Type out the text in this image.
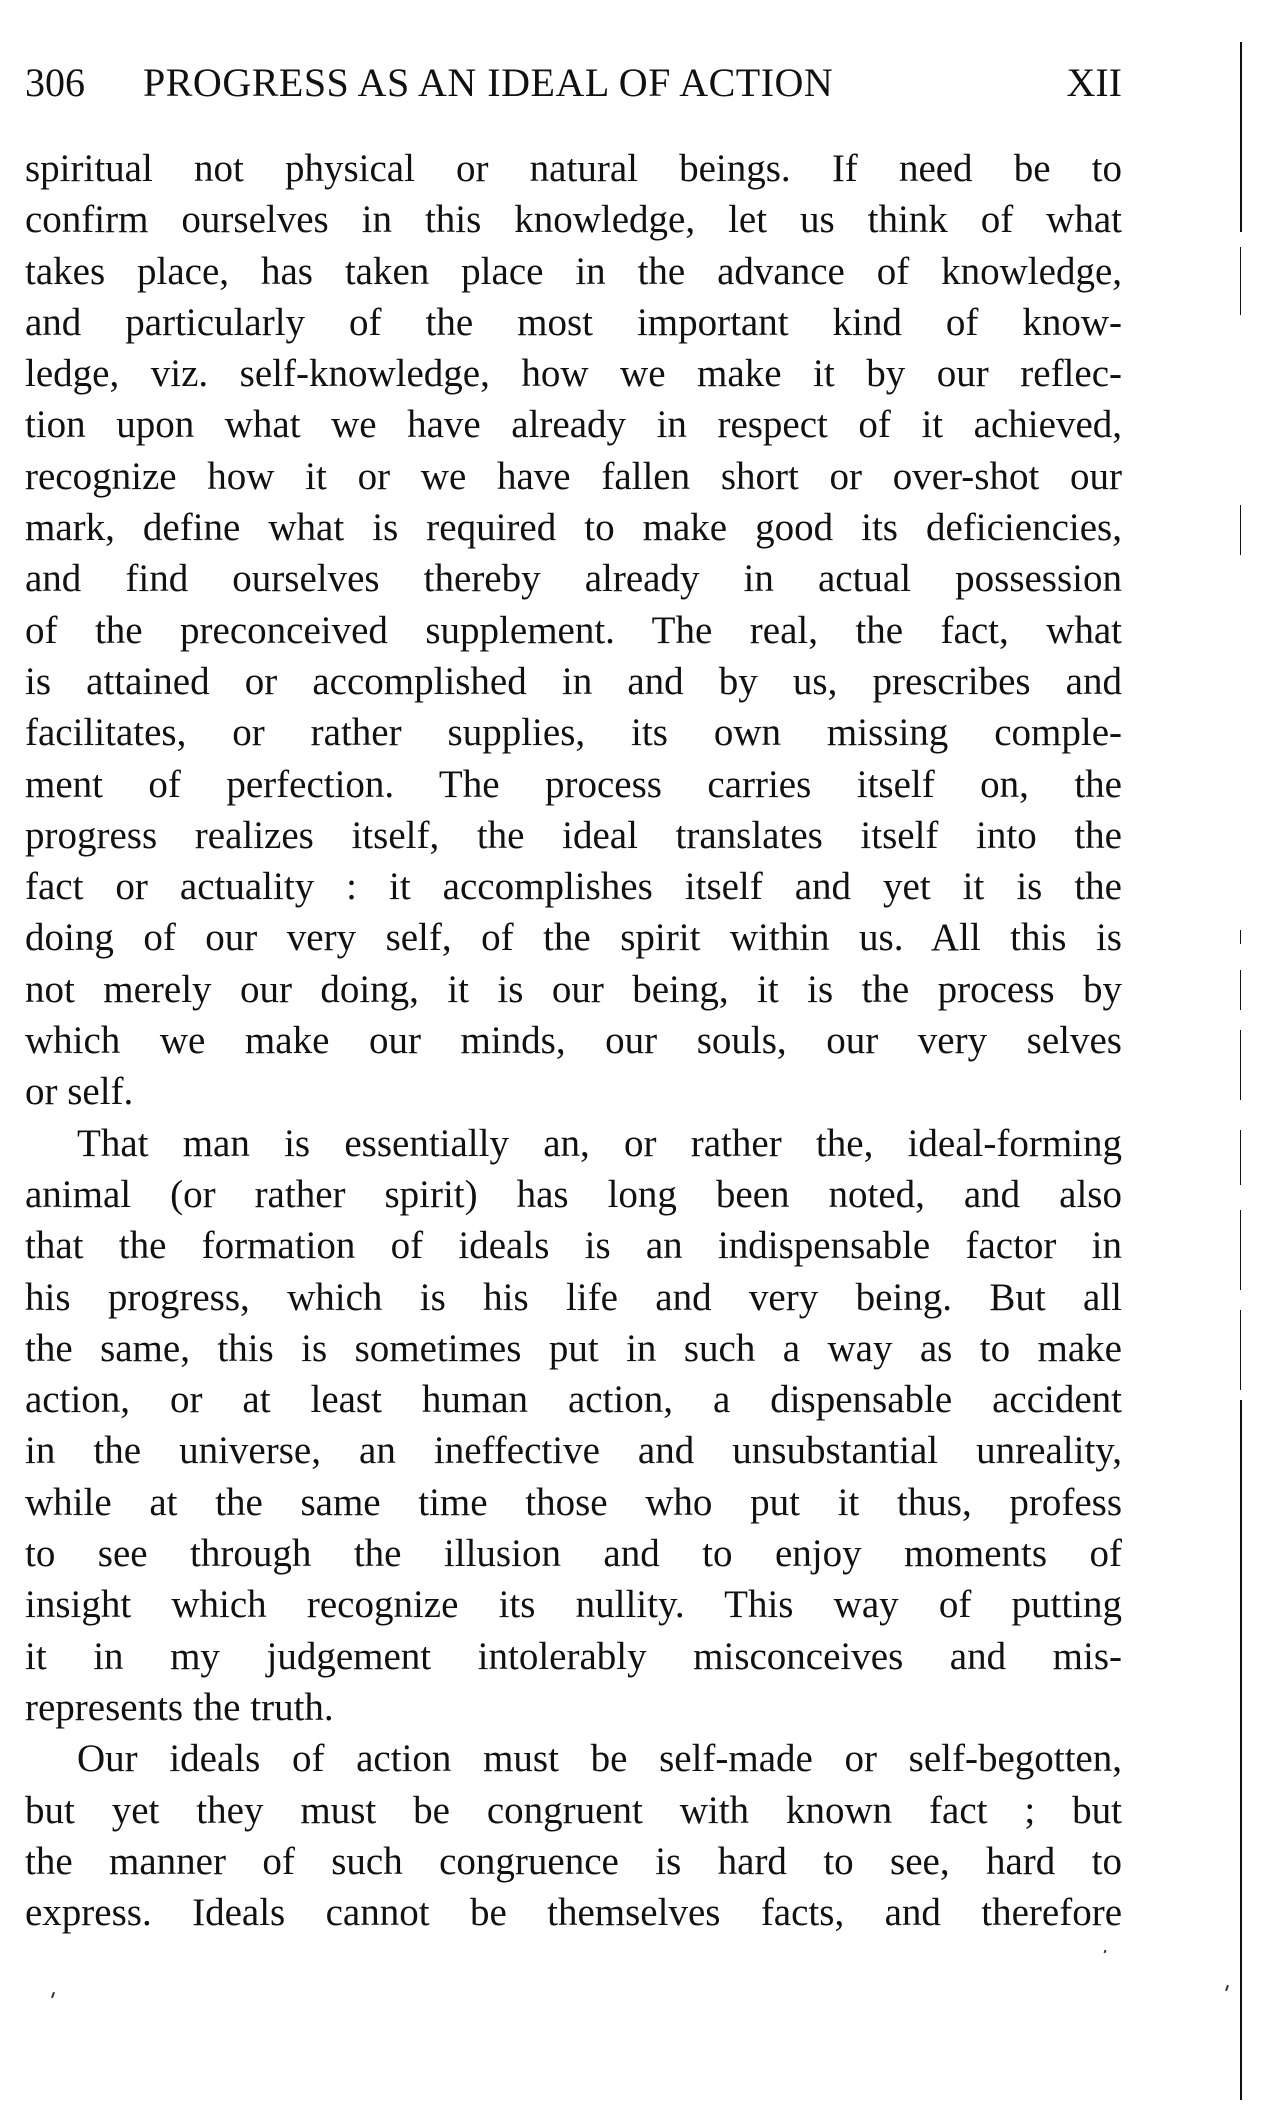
306 PROGRESS AS AN IDEAL OF ACTION	XII
spiritual not physical or natural beings. If need be to
confirm ourselves in this knowledge, let us think of what
takes place, has taken place in the advance of knowledge,
and particularly of the most important kind of know-
ledge, viz. self-knowledge, how we make it by our reflec-
tion upon what we have already in respect of it achieved,
recognize how it or we have fallen short or over-shot our
mark, define what is required to make good its deficiencies,
and find ourselves thereby already in actual possession
of the preconceived supplement. The real, the fact, what
is attained or accomplished in and by us, prescribes and
facilitates, or rather supplies, its own missing comple-
ment of perfection. The process carries itself on, the
progress realizes itself, the ideal translates itself into the
fact or actuality : it accomplishes itself and yet it is the
doing of our very self, of the spirit within us. All this is
not merely our doing, it is our being, it is the process by
which we make our minds, our souls, our very selves
or self.
That man is essentially an, or rather the, ideal-forming
animal (or rather spirit) has long been noted, and also
that the formation of ideals is an indispensable factor in
his progress, which is his life and very being. But all
the same, this is sometimes put in such a way as to make
action, or at least human action, a dispensable accident
in the universe, an ineffective and unsubstantial unreality,
while at the same time those who put it thus, profess
to see through the illusion and to enjoy moments of
insight which recognize its nullity. This way of putting
it in my judgement intolerably misconceives and mis-
represents the truth.
Our ideals of action must be self-made or self-begotten,
but yet they must be congruent with known fact ; but
the manner of such congruence is hard to see, hard to
express. Ideals cannot be themselves facts, and therefore
